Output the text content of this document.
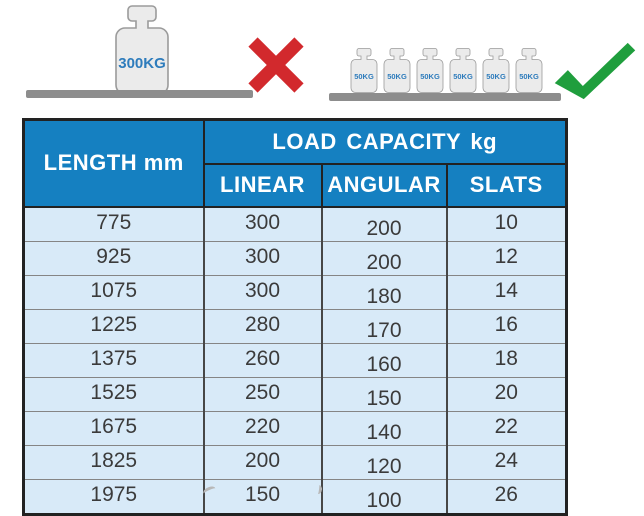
300KG
50KG 50KG 50KG 50KG 50KG 50KG
LENGTH mm	LOAD CAPACITY kg		
	LINEAR	ANGULAR	SLATS
775	300	200	10
925	300	200	12
1075	300	180	14
1225	280	170	16
1375	260	160	18
1525	250	150	20
1675	220	140	22
1825	200	120	24
1975	150	100	26
